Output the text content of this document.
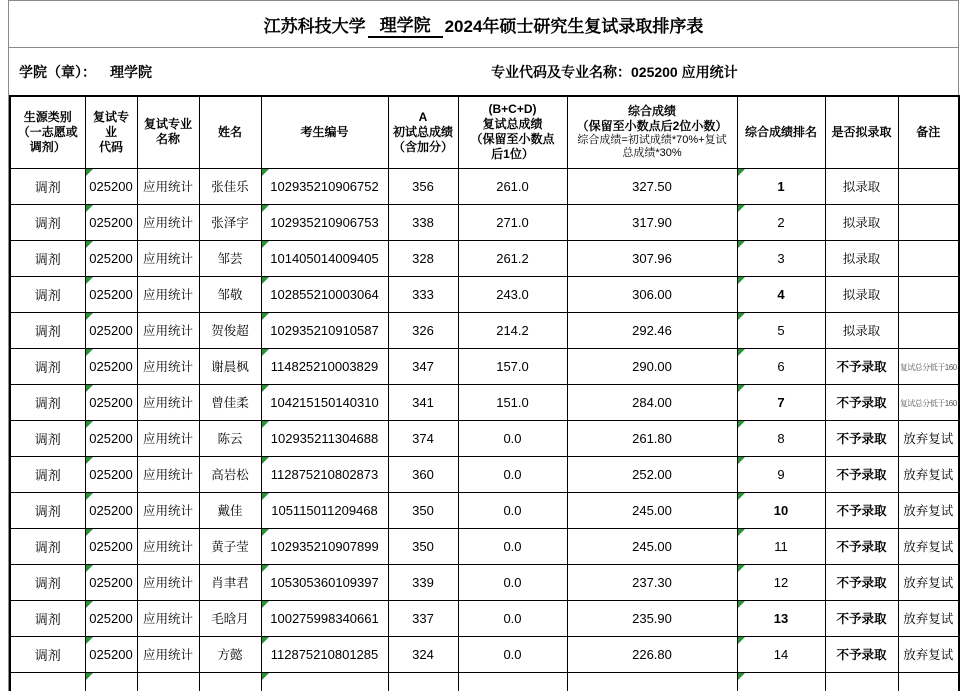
江苏科技大学 理学院 2024年硕士研究生复试录取排序表
学院（章）： 理学院	专业代码及专业名称：025200 应用统计
生源类别
（一志愿或
调剂）	复试专
业
代码	复试专业
名称	姓名	考生编号	A
初试总成绩
（含加分）	(B+C+D)
复试总成绩
（保留至小数点
后1位）	综合成绩
（保留至小数点后2位小数）
综合成绩=初试成绩*70%+复试
总成绩*30%	综合成绩排名	是否拟录取	备注

调剂	025200	应用统计	张佳乐	102935210906752	356	261.0	327.50	1	拟录取	
调剂	025200	应用统计	张泽宇	102935210906753	338	271.0	317.90	2	拟录取	
调剂	025200	应用统计	邹芸	101405014009405	328	261.2	307.96	3	拟录取	
调剂	025200	应用统计	邹敬	102855210003064	333	243.0	306.00	4	拟录取	
调剂	025200	应用统计	贺俊超	102935210910587	326	214.2	292.46	5	拟录取	
调剂	025200	应用统计	谢晨枫	114825210003829	347	157.0	290.00	6	不予录取	复试总分低于160
调剂	025200	应用统计	曾佳柔	104215150140310	341	151.0	284.00	7	不予录取	复试总分低于160
调剂	025200	应用统计	陈云	102935211304688	374	0.0	261.80	8	不予录取	放弃复试
调剂	025200	应用统计	高岩松	112875210802873	360	0.0	252.00	9	不予录取	放弃复试
调剂	025200	应用统计	戴佳	105115011209468	350	0.0	245.00	10	不予录取	放弃复试
调剂	025200	应用统计	黄子莹	102935210907899	350	0.0	245.00	11	不予录取	放弃复试
调剂	025200	应用统计	肖聿君	105305360109397	339	0.0	237.30	12	不予录取	放弃复试
调剂	025200	应用统计	毛晗月	100275998340661	337	0.0	235.90	13	不予录取	放弃复试
调剂	025200	应用统计	方懿	112875210801285	324	0.0	226.80	14	不予录取	放弃复试
